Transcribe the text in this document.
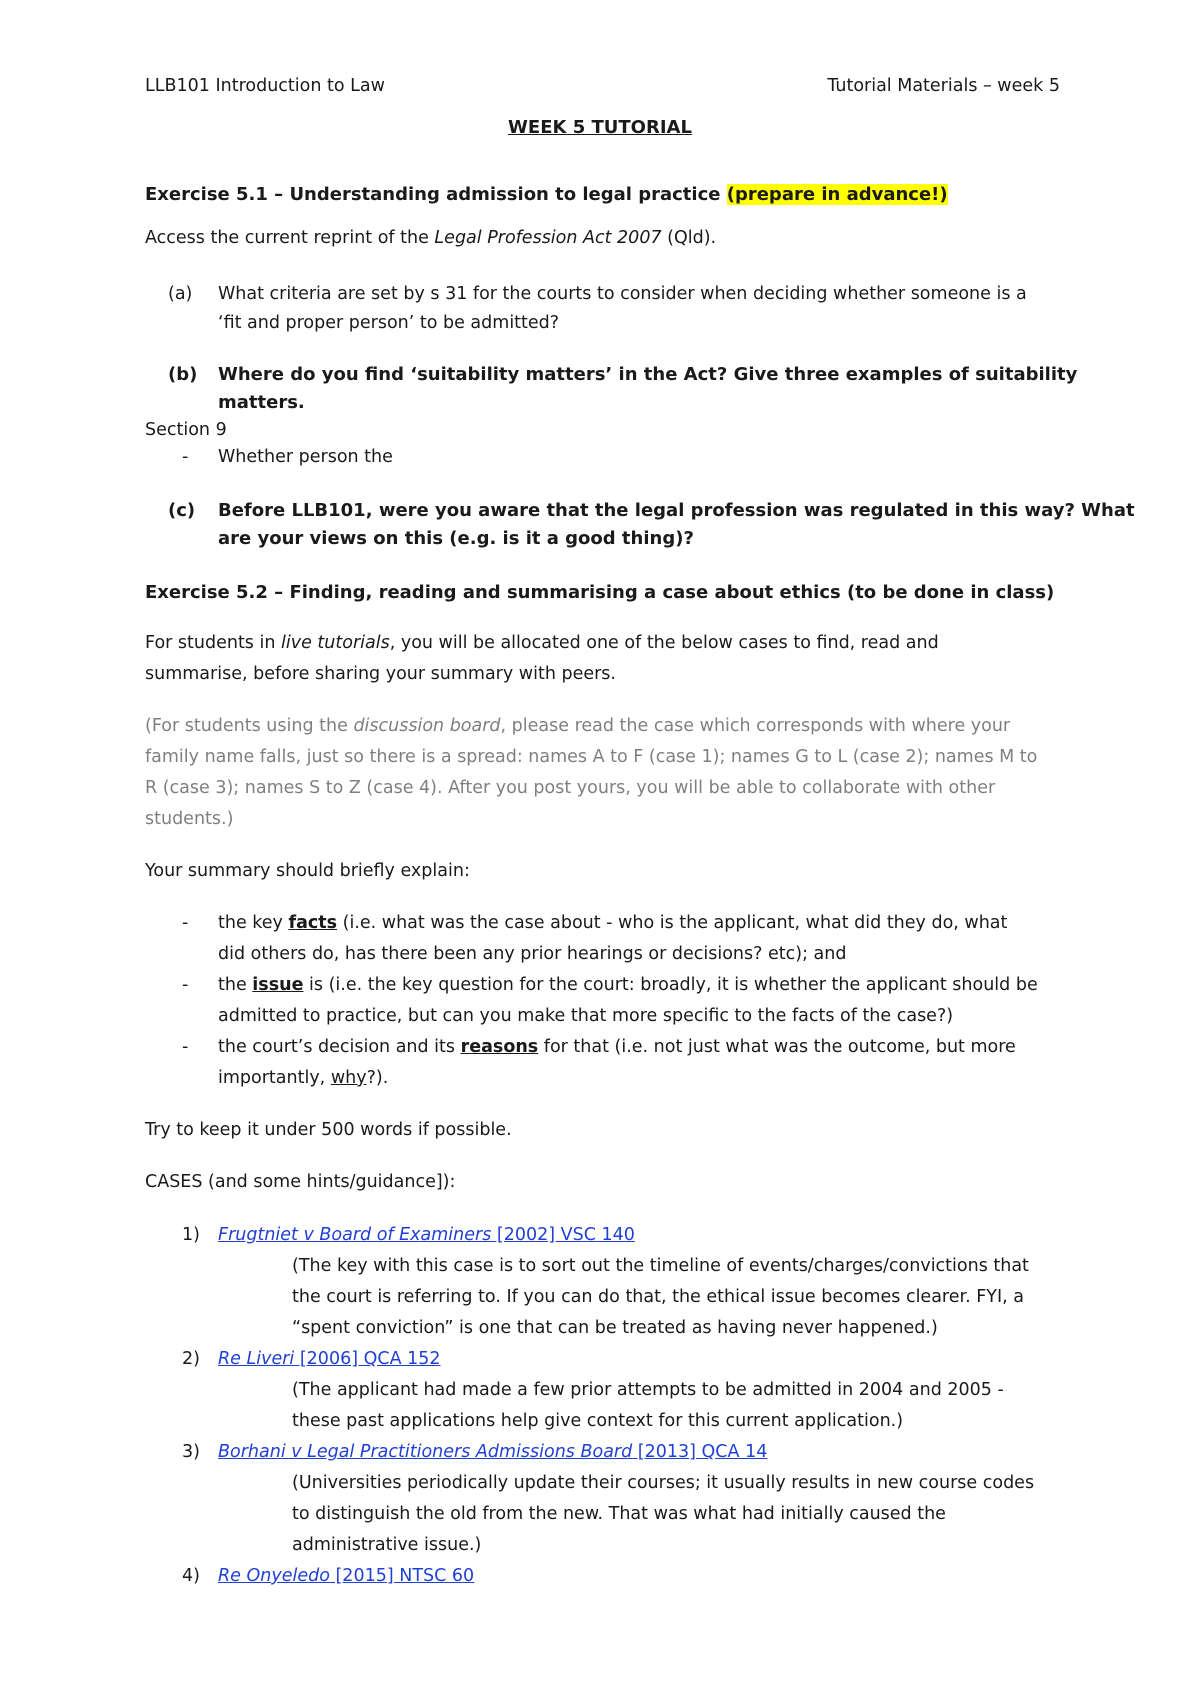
LLB101 Introduction to Law	Tutorial Materials – week 5
WEEK 5 TUTORIAL
Exercise 5.1 – Understanding admission to legal practice (prepare in advance!)
Access the current reprint of the Legal Profession Act 2007 (Qld).
(a) What criteria are set by s 31 for the courts to consider when deciding whether someone is a
‘fit and proper person’ to be admitted?
(b) Where do you find ‘suitability matters’ in the Act? Give three examples of suitability
matters.
Section 9
- Whether person the
(c) Before LLB101, were you aware that the legal profession was regulated in this way? What
are your views on this (e.g. is it a good thing)?
Exercise 5.2 – Finding, reading and summarising a case about ethics (to be done in class)
For students in live tutorials, you will be allocated one of the below cases to find, read and
summarise, before sharing your summary with peers.
(For students using the discussion board, please read the case which corresponds with where your
family name falls, just so there is a spread: names A to F (case 1); names G to L (case 2); names M to
R (case 3); names S to Z (case 4). After you post yours, you will be able to collaborate with other
students.)
Your summary should briefly explain:
- the key facts (i.e. what was the case about - who is the applicant, what did they do, what
did others do, has there been any prior hearings or decisions? etc); and
- the issue is (i.e. the key question for the court: broadly, it is whether the applicant should be
admitted to practice, but can you make that more specific to the facts of the case?)
- the court’s decision and its reasons for that (i.e. not just what was the outcome, but more
importantly, why?).
Try to keep it under 500 words if possible.
CASES (and some hints/guidance]):
1) Frugtniet v Board of Examiners [2002] VSC 140
(The key with this case is to sort out the timeline of events/charges/convictions that
the court is referring to. If you can do that, the ethical issue becomes clearer. FYI, a
“spent conviction” is one that can be treated as having never happened.)
2) Re Liveri [2006] QCA 152
(The applicant had made a few prior attempts to be admitted in 2004 and 2005 -
these past applications help give context for this current application.)
3) Borhani v Legal Practitioners Admissions Board [2013] QCA 14
(Universities periodically update their courses; it usually results in new course codes
to distinguish the old from the new. That was what had initially caused the
administrative issue.)
4) Re Onyeledo [2015] NTSC 60
